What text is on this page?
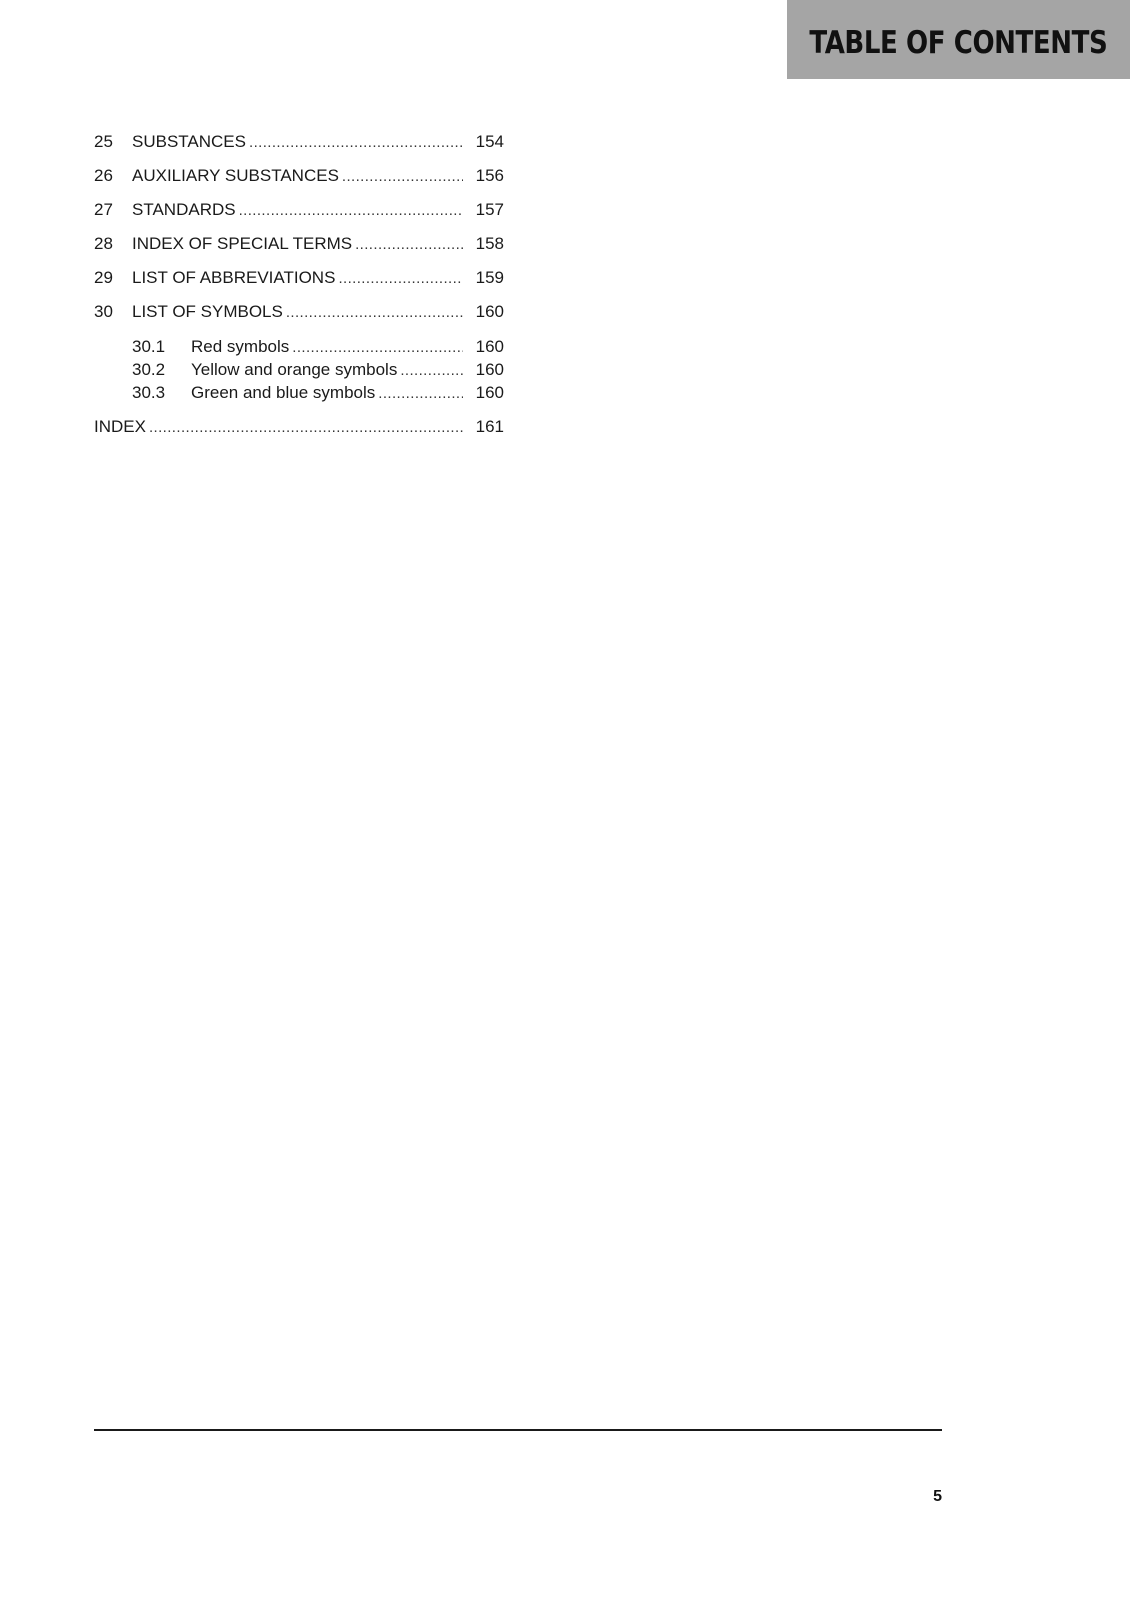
TABLE OF CONTENTS
25	SUBSTANCES .....	154
26	AUXILIARY SUBSTANCES .....	156
27	STANDARDS .....	157
28	INDEX OF SPECIAL TERMS .....	158
29	LIST OF ABBREVIATIONS .....	159
30	LIST OF SYMBOLS .....	160
30.1	Red symbols .....	160
30.2	Yellow and orange symbols .....	160
30.3	Green and blue symbols .....	160
INDEX .....	161
5
